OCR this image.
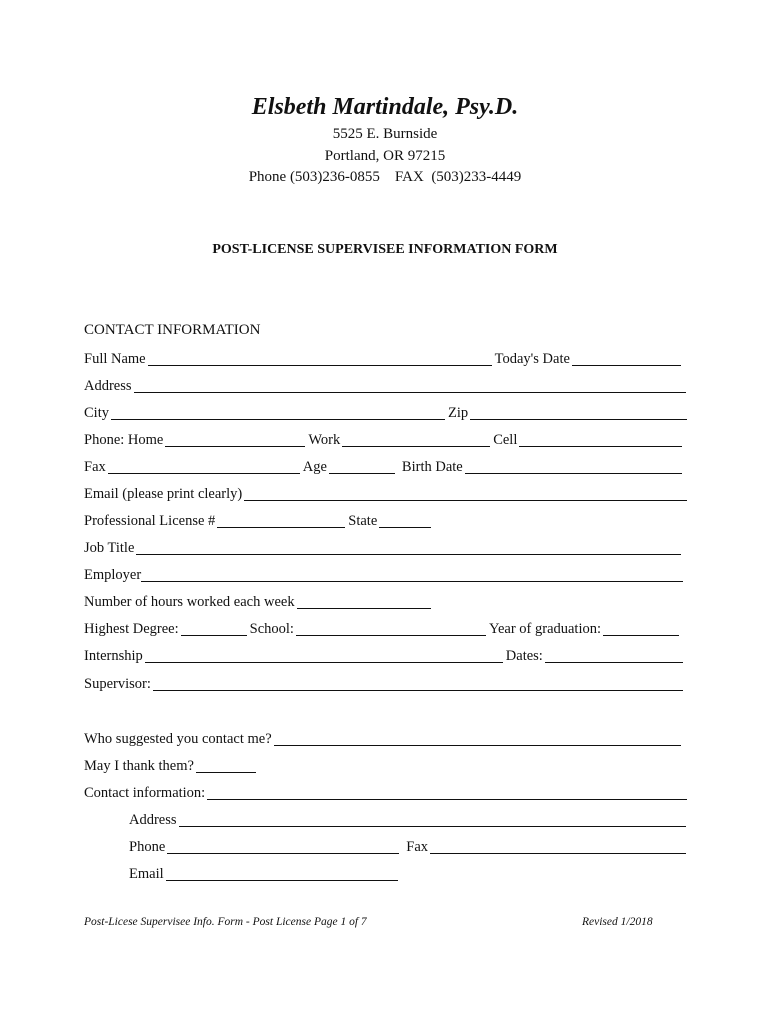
Elsbeth Martindale, Psy.D.
5525 E. Burnside
Portland, OR 97215
Phone (503)236-0855    FAX  (503)233-4449
POST-LICENSE SUPERVISEE INFORMATION FORM
CONTACT INFORMATION
Full Name	Today's Date
Address
City	Zip
Phone: Home	Work	Cell
Fax	Age	Birth Date
Email (please print clearly)
Professional License #	State
Job Title
Employer
Number of hours worked each week
Highest Degree:	School:	Year of graduation:
Internship	Dates:
Supervisor:
Who suggested you contact me?
May I thank them?
Contact information:
Address
Phone	Fax
Email
Post-Licese Supervisee Info. Form - Post License Page 1 of 7	Revised 1/2018
